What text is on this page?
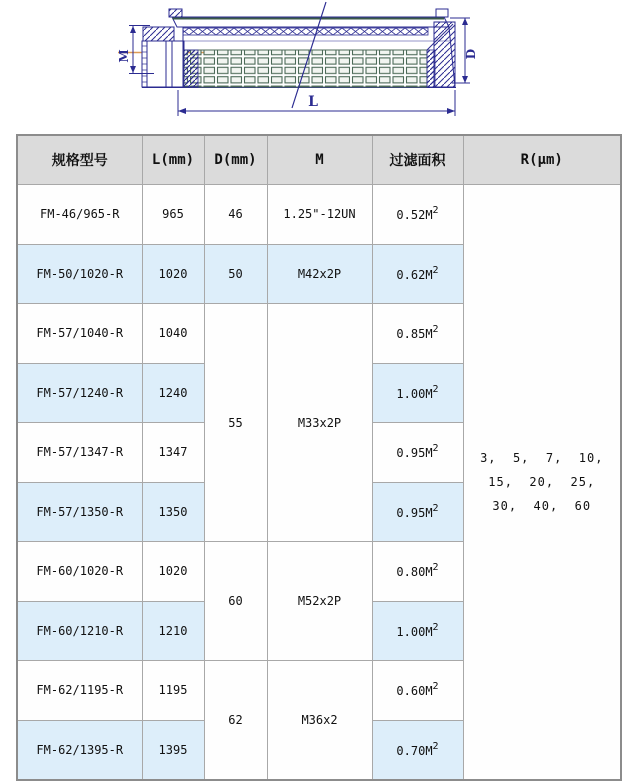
M	D
L
规格型号	L(mm)	D(mm)	M	过滤面积	R(μm)
FM-46/965-R	965	46	1.25"-12UN	$0.52M^2$	3,  5,  7,  10,
15,  20,  25,
30,  40,  60

FM-50/1020-R	1020	50	M42x2P	$0.62M^2$
FM-57/1040-R	1040	55	M33x2P	$0.85M^2$
FM-57/1240-R	1240			$1.00M^2$
FM-57/1347-R	1347			$0.95M^2$
FM-57/1350-R	1350			$0.95M^2$
FM-60/1020-R	1020	60	M52x2P	$0.80M^2$
FM-60/1210-R	1210			$1.00M^2$
FM-62/1195-R	1195	62	M36x2	$0.60M^2$
FM-62/1395-R	1395			$0.70M^2$
